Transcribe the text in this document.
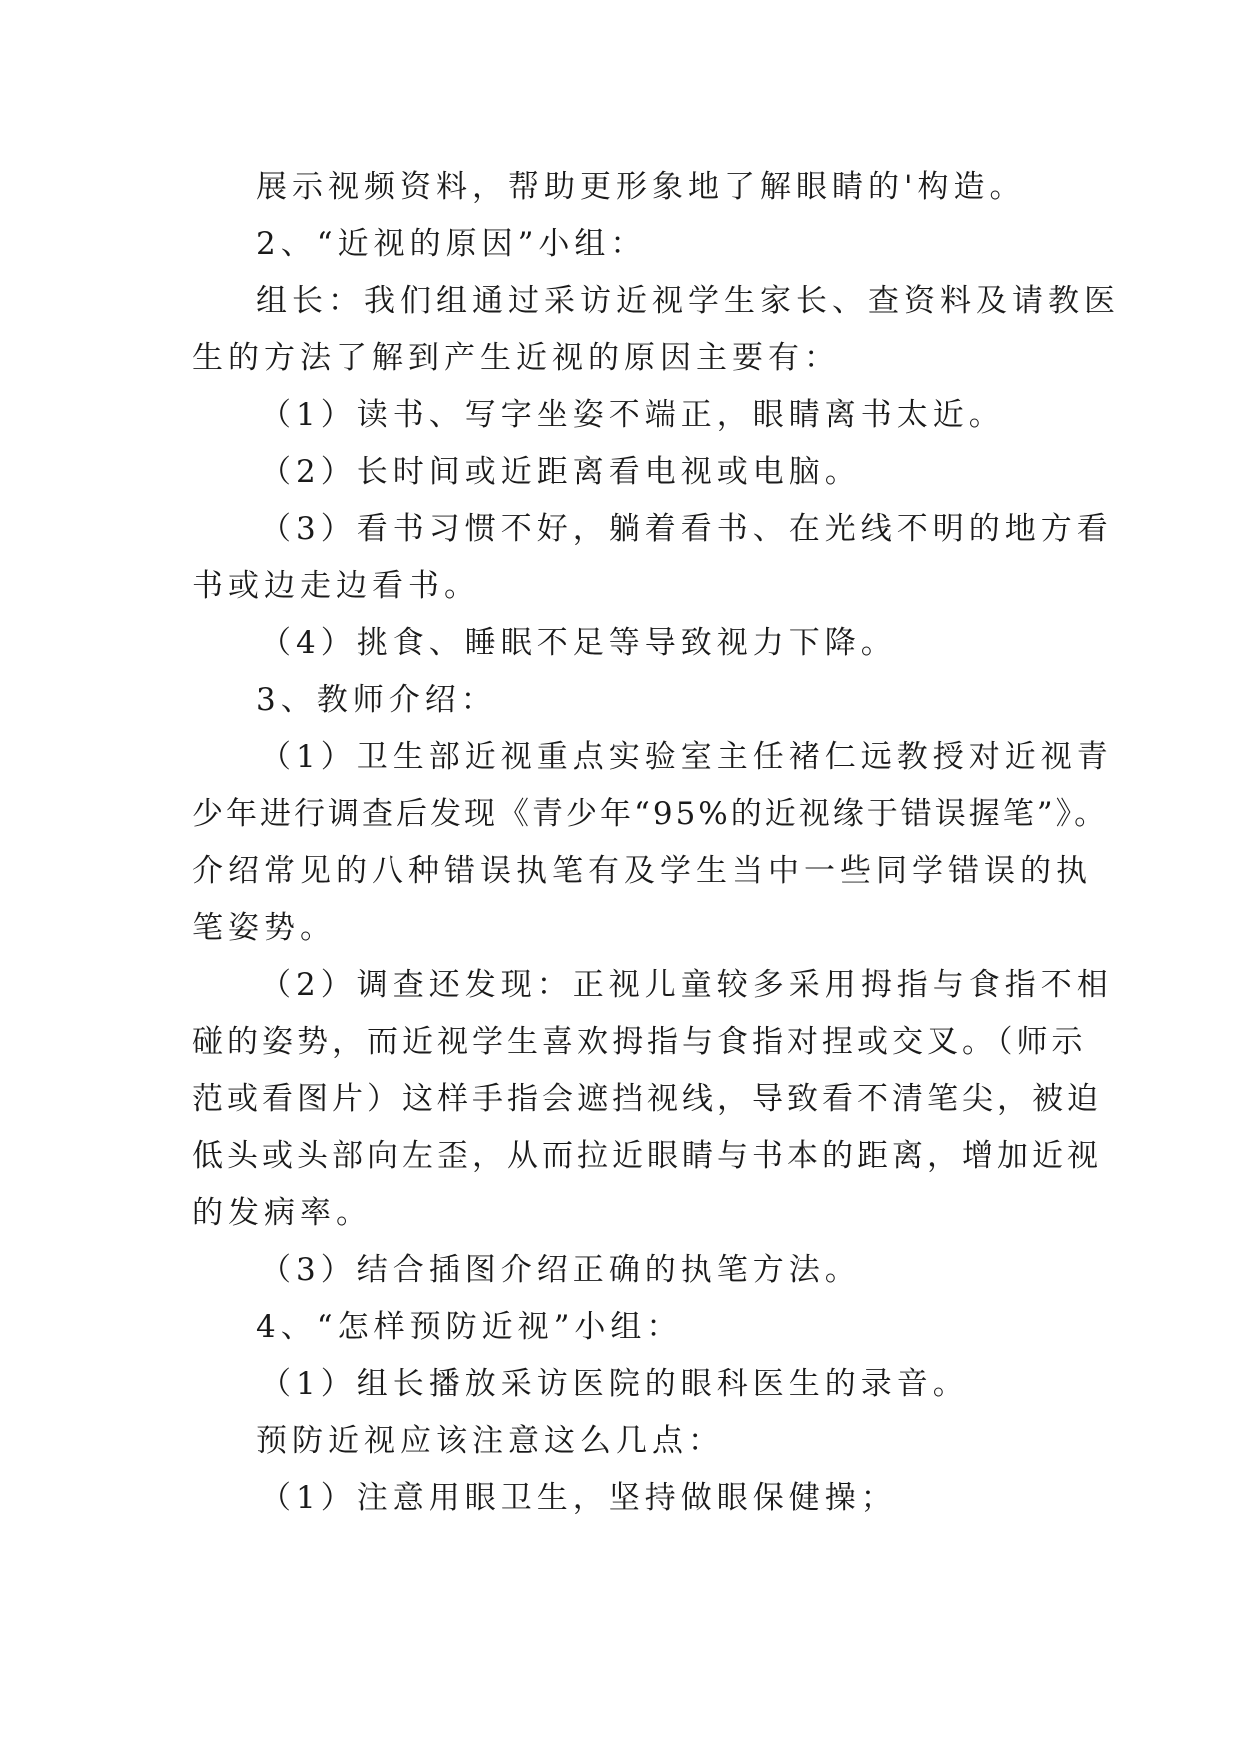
展示视频资料，帮助更形象地了解眼睛的'构造。
2、“近视的原因”小组：
组长：我们组通过采访近视学生家长、查资料及请教医
生的方法了解到产生近视的原因主要有：
（1）读书、写字坐姿不端正，眼睛离书太近。
（2）长时间或近距离看电视或电脑。
（3）看书习惯不好，躺着看书、在光线不明的地方看
书或边走边看书。
（4）挑食、睡眠不足等导致视力下降。
3、教师介绍：
（1）卫生部近视重点实验室主任褚仁远教授对近视青
少年进行调查后发现《青少年“95%的近视缘于错误握笔”》。
介绍常见的八种错误执笔有及学生当中一些同学错误的执
笔姿势。
（2）调查还发现：正视儿童较多采用拇指与食指不相
碰的姿势，而近视学生喜欢拇指与食指对捏或交叉。（师示
范或看图片）这样手指会遮挡视线，导致看不清笔尖，被迫
低头或头部向左歪，从而拉近眼睛与书本的距离，增加近视
的发病率。
（3）结合插图介绍正确的执笔方法。
4、“怎样预防近视”小组：
（1）组长播放采访医院的眼科医生的录音。
预防近视应该注意这么几点：
（1）注意用眼卫生，坚持做眼保健操；
